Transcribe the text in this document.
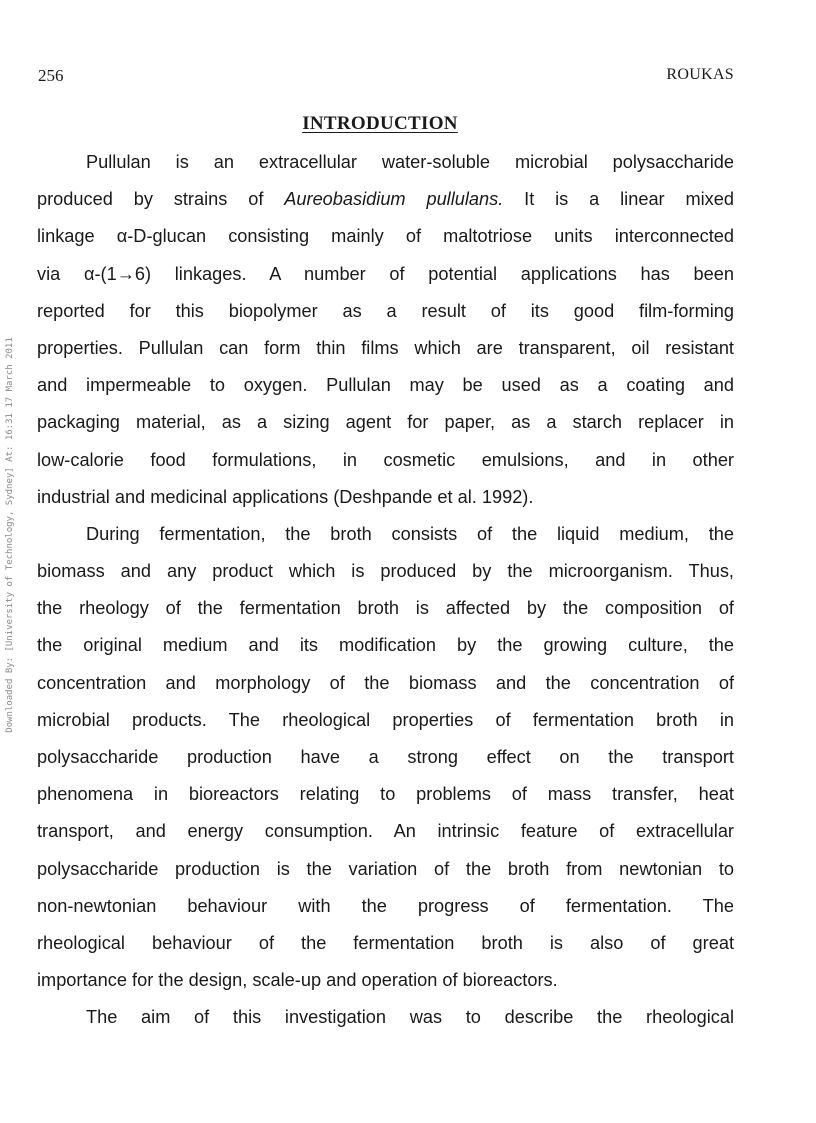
256	ROUKAS
Downloaded By: [University of Technology, Sydney] At: 16:31 17 March 2011
INTRODUCTION
Pullulan is an extracellular water-soluble microbial polysaccharide
produced by strains of Aureobasidium pullulans. It is a linear mixed
linkage α-D-glucan consisting mainly of maltotriose units interconnected
via α-(1→6) linkages. A number of potential applications has been
reported for this biopolymer as a result of its good film-forming
properties. Pullulan can form thin films which are transparent, oil resistant
and impermeable to oxygen. Pullulan may be used as a coating and
packaging material, as a sizing agent for paper, as a starch replacer in
low-calorie food formulations, in cosmetic emulsions, and in other
industrial and medicinal applications (Deshpande et al. 1992).
During fermentation, the broth consists of the liquid medium, the
biomass and any product which is produced by the microorganism. Thus,
the rheology of the fermentation broth is affected by the composition of
the original medium and its modification by the growing culture, the
concentration and morphology of the biomass and the concentration of
microbial products. The rheological properties of fermentation broth in
polysaccharide production have a strong effect on the transport
phenomena in bioreactors relating to problems of mass transfer, heat
transport, and energy consumption. An intrinsic feature of extracellular
polysaccharide production is the variation of the broth from newtonian to
non-newtonian behaviour with the progress of fermentation. The
rheological behaviour of the fermentation broth is also of great
importance for the design, scale-up and operation of bioreactors.
The aim of this investigation was to describe the rheological
